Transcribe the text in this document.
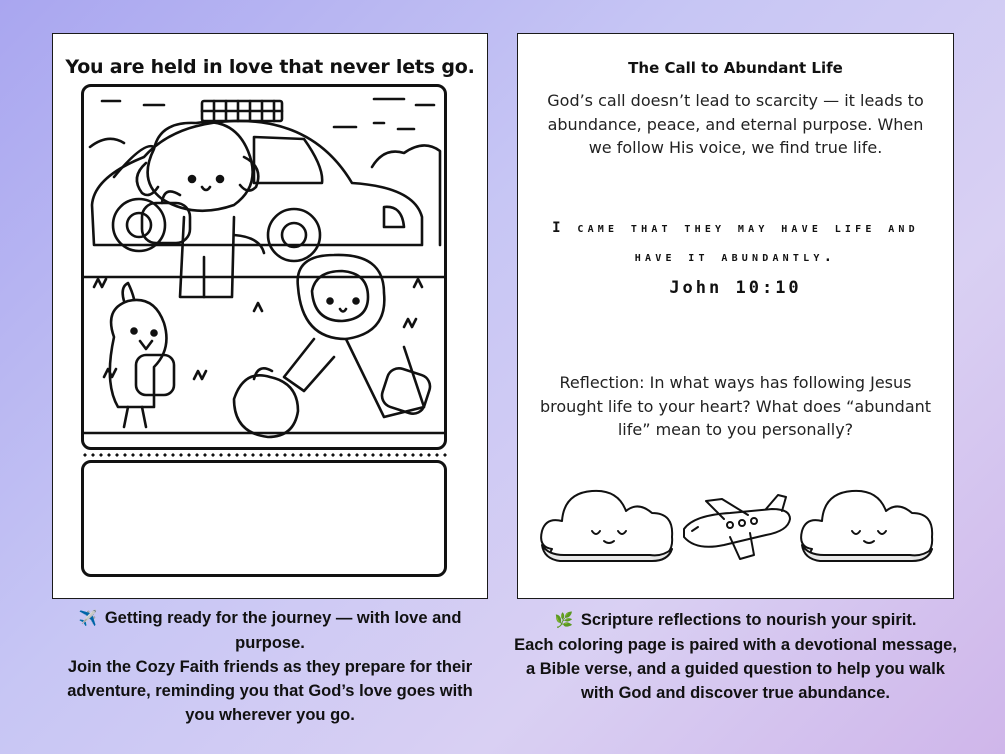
You are held in love that never lets go.	The Call to Abundant Life
God’s call doesn’t lead to scarcity — it leads to abundance, peace, and eternal purpose. When we follow His voice, we find true life.
I came that they may have life and have it abundantly.
John 10:10
Reflection: In what ways has following Jesus brought life to your heart? What does “abundant life” mean to you personally?
✈️ Getting ready for the journey — with love and purpose.
Join the Cozy Faith friends as they prepare for their adventure, reminding you that God’s love goes with you wherever you go.
🌿 Scripture reflections to nourish your spirit.
Each coloring page is paired with a devotional message, a Bible verse, and a guided question to help you walk with God and discover true abundance.
